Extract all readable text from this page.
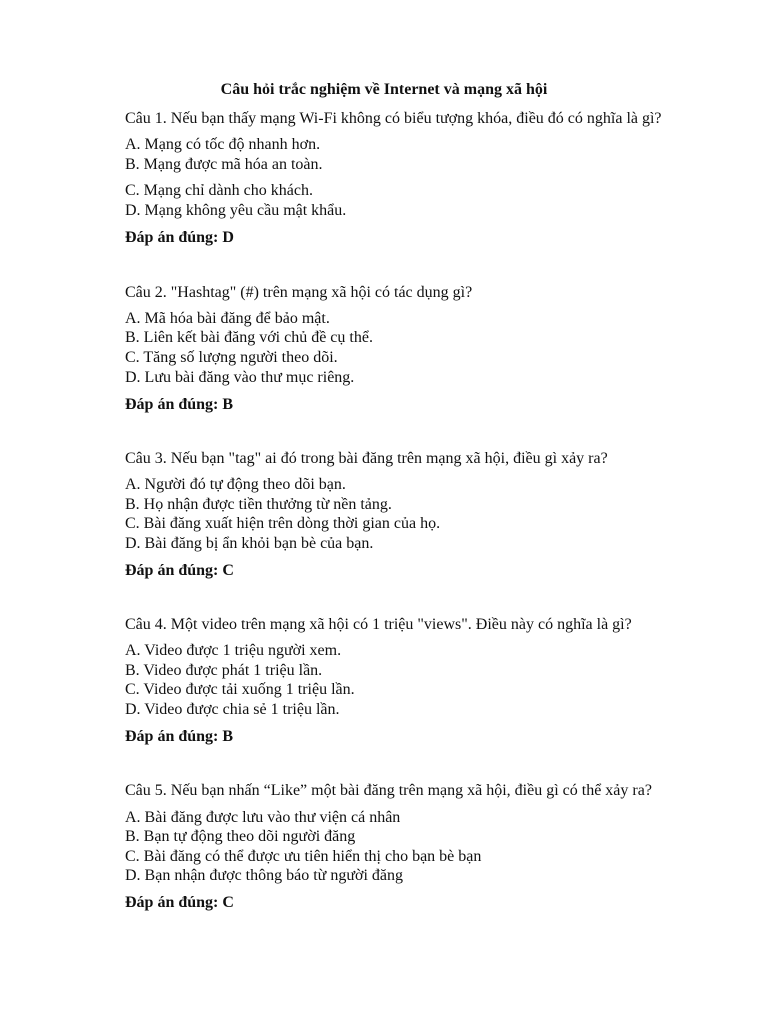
Câu hỏi trắc nghiệm về Internet và mạng xã hội

Câu 1. Nếu bạn thấy mạng Wi-Fi không có biểu tượng khóa, điều đó có nghĩa là gì?

A. Mạng có tốc độ nhanh hơn.

B. Mạng được mã hóa an toàn.

C. Mạng chỉ dành cho khách.

D. Mạng không yêu cầu mật khẩu.

Đáp án đúng: D

Câu 2. "Hashtag" (#) trên mạng xã hội có tác dụng gì?

A. Mã hóa bài đăng để bảo mật.

B. Liên kết bài đăng với chủ đề cụ thể.

C. Tăng số lượng người theo dõi.

D. Lưu bài đăng vào thư mục riêng.

Đáp án đúng: B

Câu 3. Nếu bạn "tag" ai đó trong bài đăng trên mạng xã hội, điều gì xảy ra?

A. Người đó tự động theo dõi bạn.

B. Họ nhận được tiền thưởng từ nền tảng.

C. Bài đăng xuất hiện trên dòng thời gian của họ.

D. Bài đăng bị ẩn khỏi bạn bè của bạn.

Đáp án đúng: C

Câu 4. Một video trên mạng xã hội có 1 triệu "views". Điều này có nghĩa là gì?

A. Video được 1 triệu người xem.

B. Video được phát 1 triệu lần.

C. Video được tải xuống 1 triệu lần.

D. Video được chia sẻ 1 triệu lần.

Đáp án đúng: B

Câu 5. Nếu bạn nhấn “Like” một bài đăng trên mạng xã hội, điều gì có thể xảy ra?

A. Bài đăng được lưu vào thư viện cá nhân

B. Bạn tự động theo dõi người đăng

C. Bài đăng có thể được ưu tiên hiển thị cho bạn bè bạn

D. Bạn nhận được thông báo từ người đăng

Đáp án đúng: C
